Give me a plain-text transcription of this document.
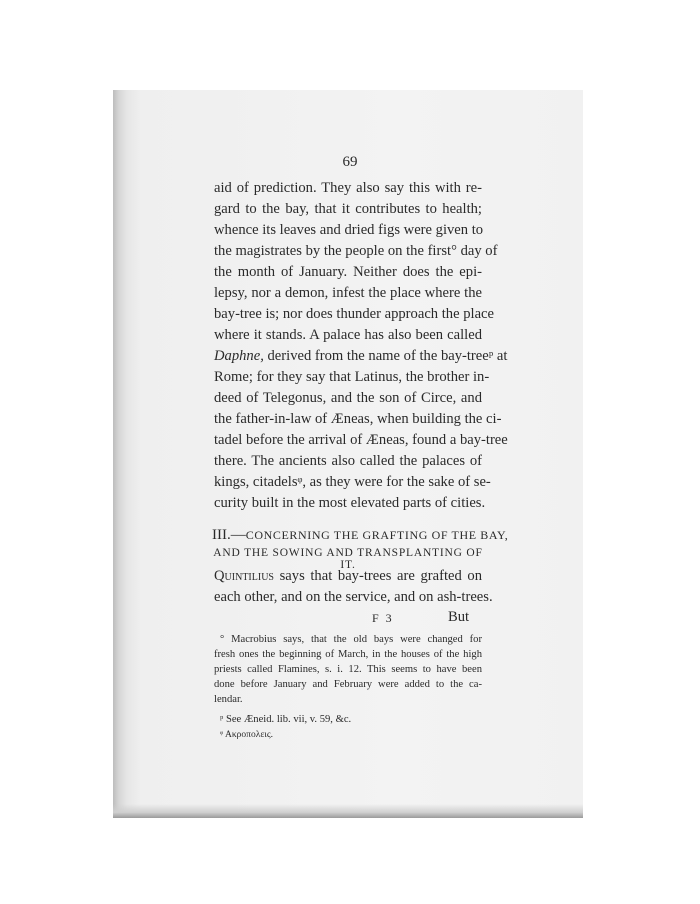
69
aid of prediction. They also say this with re-
gard to the bay, that it contributes to health;
whence its leaves and dried figs were given to
the magistrates by the people on the first° day of
the month of January. Neither does the epi-
lepsy, nor a demon, infest the place where the
bay-tree is; nor does thunder approach the place
where it stands. A palace has also been called
Daphne, derived from the name of the bay-treeᵖ at
Rome; for they say that Latinus, the brother in-
deed of Telegonus, and the son of Circe, and
the father-in-law of Æneas, when building the ci-
tadel before the arrival of Æneas, found a bay-tree
there. The ancients also called the palaces of
kings, citadelsᵠ, as they were for the sake of se-
curity built in the most elevated parts of cities.
III.—CONCERNING THE GRAFTING OF THE BAY,
AND THE SOWING AND TRANSPLANTING OF IT.
Quintilius says that bay-trees are grafted on
each other, and on the service, and on ash-trees.
F 3	But
° Macrobius says, that the old bays were changed for
fresh ones the beginning of March, in the houses of the high
priests called Flamines, s. i. 12. This seems to have been
done before January and February were added to the ca-
lendar.
ᵖ See Æneid. lib. vii, v. 59, &c.
ᵠ Ακροπολεις.
